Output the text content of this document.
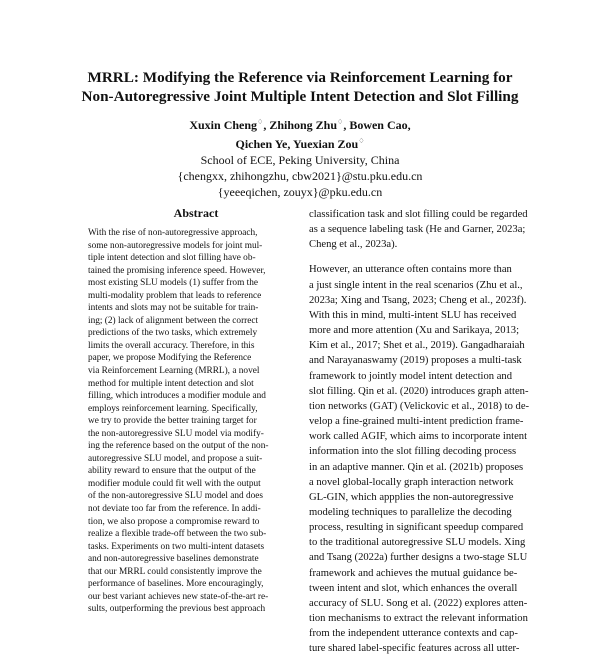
MRRL: Modifying the Reference via Reinforcement Learning for
Non-Autoregressive Joint Multiple Intent Detection and Slot Filling
Xuxin Cheng♢, Zhihong Zhu♢, Bowen Cao,
Qichen Ye, Yuexian Zou♢
School of ECE, Peking University, China
{chengxx, zhihongzhu, cbw2021}@stu.pku.edu.cn
{yeeeqichen, zouyx}@pku.edu.cn
Abstract
With the rise of non-autoregressive approach,
some non-autoregressive models for joint mul-
tiple intent detection and slot filling have ob-
tained the promising inference speed. However,
most existing SLU models (1) suffer from the
multi-modality problem that leads to reference
intents and slots may not be suitable for train-
ing; (2) lack of alignment between the correct
predictions of the two tasks, which extremely
limits the overall accuracy. Therefore, in this
paper, we propose Modifying the Reference
via Reinforcement Learning (MRRL), a novel
method for multiple intent detection and slot
filling, which introduces a modifier module and
employs reinforcement learning. Specifically,
we try to provide the better training target for
the non-autoregressive SLU model via modify-
ing the reference based on the output of the non-
autoregressive SLU model, and propose a suit-
ability reward to ensure that the output of the
modifier module could fit well with the output
of the non-autoregressive SLU model and does
not deviate too far from the reference. In addi-
tion, we also propose a compromise reward to
realize a flexible trade-off between the two sub-
tasks. Experiments on two multi-intent datasets
and non-autoregressive baselines demonstrate
that our MRRL could consistently improve the
performance of baselines. More encouragingly,
our best variant achieves new state-of-the-art re-
sults, outperforming the previous best approach
classification task and slot filling could be regarded
as a sequence labeling task (He and Garner, 2023a;
Cheng et al., 2023a).
However, an utterance often contains more than
a just single intent in the real scenarios (Zhu et al.,
2023a; Xing and Tsang, 2023; Cheng et al., 2023f).
With this in mind, multi-intent SLU has received
more and more attention (Xu and Sarikaya, 2013;
Kim et al., 2017; Shet et al., 2019). Gangadharaiah
and Narayanaswamy (2019) proposes a multi-task
framework to jointly model intent detection and
slot filling. Qin et al. (2020) introduces graph atten-
tion networks (GAT) (Velickovic et al., 2018) to de-
velop a fine-grained multi-intent prediction frame-
work called AGIF, which aims to incorporate intent
information into the slot filling decoding process
in an adaptive manner. Qin et al. (2021b) proposes
a novel global-locally graph interaction network
GL-GIN, which appplies the non-autoregressive
modeling techniques to parallelize the decoding
process, resulting in significant speedup compared
to the traditional autoregressive SLU models. Xing
and Tsang (2022a) further designs a two-stage SLU
framework and achieves the mutual guidance be-
tween intent and slot, which enhances the overall
accuracy of SLU. Song et al. (2022) explores atten-
tion mechanisms to extract the relevant information
from the independent utterance contexts and cap-
ture shared label-specific features across all utter-
